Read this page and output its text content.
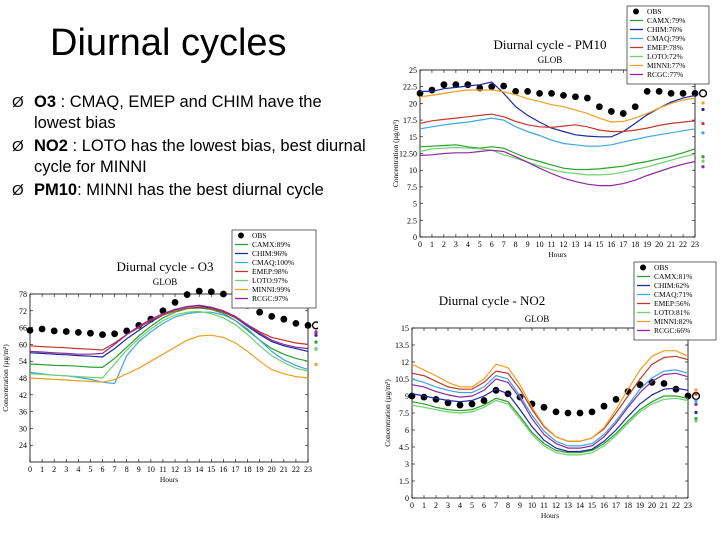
Diurnal cycles
Ø O3 : CMAQ, EMEP and CHIM have the lowest bias
Ø NO2 : LOTO has the lowest bias, best diurnal cycle for MINNI
Ø PM10: MINNI has the best diurnal cycle
Diurnal cycle - PM10
GLOB
0
2.5
5
7.5
10
12.50
15
17.5
20
22.5
25
0 1 2 3 4 5 6 7 8 9 10 11 12 13 14 15 16 17 18 19 20 21 22 23
Hours
Concentration (µg/m³)
OBS
CAMX:79%
CHIM:76%
CMAQ:79%
EMEP:78%
LOTO:72%
MINNI:77%
RCGC:77%
Diurnal cycle - O3
GLOB
24
30
36
42
48
54
60
66
72
78
0 1 2 3 4 5 6 7 8 9 10 11 12 13 14 15 16 17 18 19 20 21 22 23
Hours
Concentration (µg/m³)
OBS
CAMX:89%
CHIM:96%
CMAQ:100%
EMEP:98%
LOTO:97%
MINNI:99%
RCGC:97%	Diurnal cycle - NO2
GLOB
0
1.5
3
4.5
6
7.5
9
10.5
12
13.5
15
0 1 2 3 4 5 6 7 8 9 10 11 12 13 14 15 16 17 18 19 20 21 22 23
Hours
Concentration (µg/m³)
OBS
CAMX:81%
CHIM:62%
CMAQ:71%
EMEP:56%
LOTO:81%
MINNI:82%
RCGC:66%
